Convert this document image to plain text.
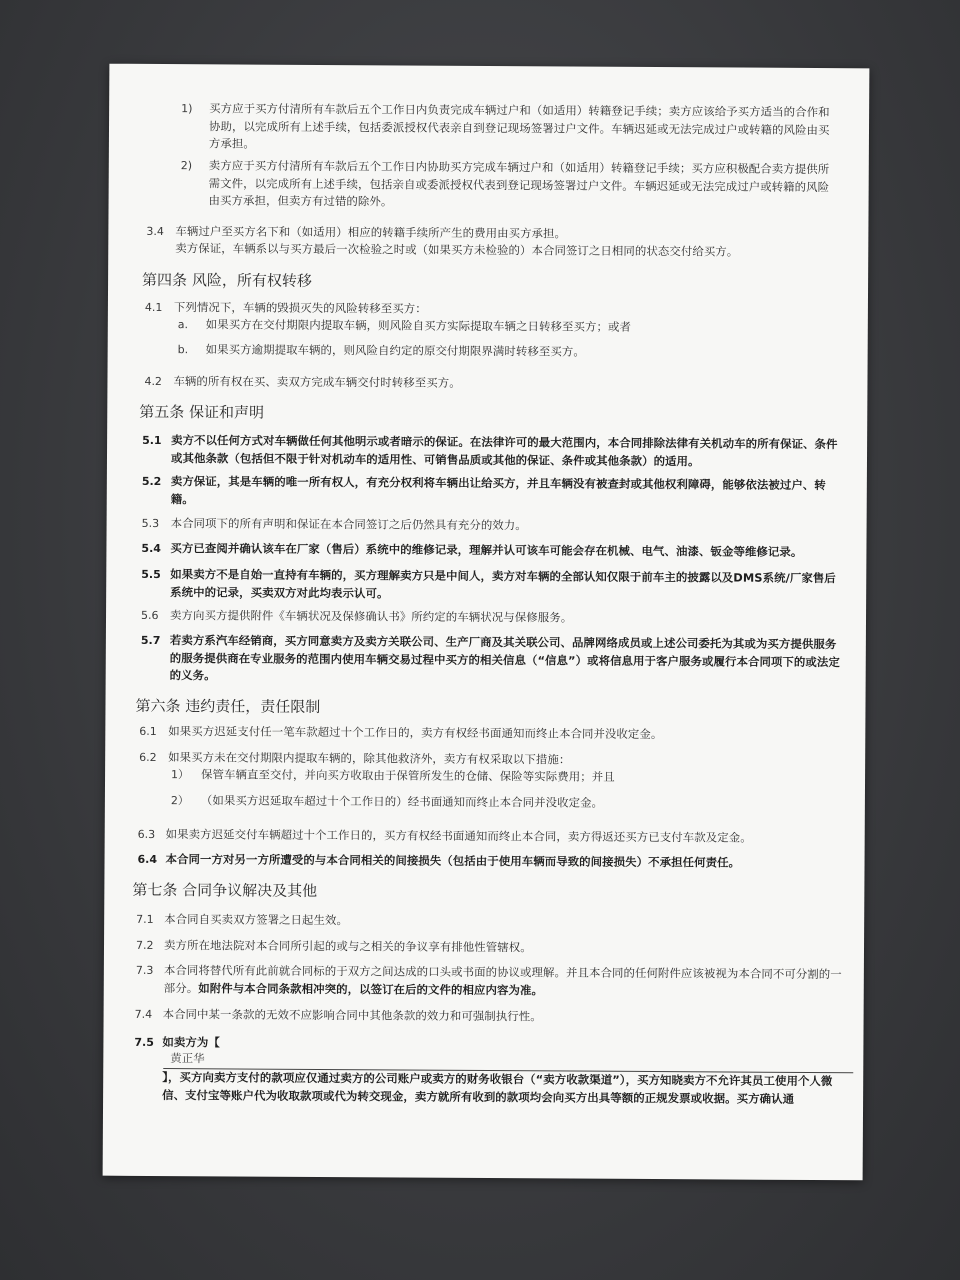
1) 买方应于买方付清所有车款后五个工作日内负责完成车辆过户和（如适用）转籍登记手续；卖方应该给予买方适当的合作和协助，以完成所有上述手续，包括委派授权代表亲自到登记现场签署过户文件。车辆迟延或无法完成过户或转籍的风险由买方承担。
2) 卖方应于买方付清所有车款后五个工作日内协助买方完成车辆过户和（如适用）转籍登记手续；买方应积极配合卖方提供所需文件，以完成所有上述手续，包括亲自或委派授权代表到登记现场签署过户文件。车辆迟延或无法完成过户或转籍的风险由买方承担，但卖方有过错的除外。
3.4 车辆过户至买方名下和（如适用）相应的转籍手续所产生的费用由买方承担。
卖方保证，车辆系以与买方最后一次检验之时或（如果买方未检验的）本合同签订之日相同的状态交付给买方。
第四条 风险，所有权转移
4.1 下列情况下，车辆的毁损灭失的风险转移至买方：
a. 如果买方在交付期限内提取车辆，则风险自买方实际提取车辆之日转移至买方；或者
b. 如果买方逾期提取车辆的，则风险自约定的原交付期限界满时转移至买方。
4.2 车辆的所有权在买、卖双方完成车辆交付时转移至买方。
第五条 保证和声明
5.1 卖方不以任何方式对车辆做任何其他明示或者暗示的保证。在法律许可的最大范围内，本合同排除法律有关机动车的所有保证、条件或其他条款（包括但不限于针对机动车的适用性、可销售品质或其他的保证、条件或其他条款）的适用。
5.2 卖方保证，其是车辆的唯一所有权人，有充分权利将车辆出让给买方，并且车辆没有被查封或其他权利障碍，能够依法被过户、转籍。
5.3 本合同项下的所有声明和保证在本合同签订之后仍然具有充分的效力。
5.4 买方已查阅并确认该车在厂家（售后）系统中的维修记录，理解并认可该车可能会存在机械、电气、油漆、钣金等维修记录。
5.5 如果卖方不是自始一直持有车辆的，买方理解卖方只是中间人，卖方对车辆的全部认知仅限于前车主的披露以及DMS系统/厂家售后系统中的记录，买卖双方对此均表示认可。
5.6 卖方向买方提供附件《车辆状况及保修确认书》所约定的车辆状况与保修服务。
5.7 若卖方系汽车经销商，买方同意卖方及卖方关联公司、生产厂商及其关联公司、品牌网络成员或上述公司委托为其或为买方提供服务的服务提供商在专业服务的范围内使用车辆交易过程中买方的相关信息（“信息”）或将信息用于客户服务或履行本合同项下的或法定的义务。
第六条 违约责任，责任限制
6.1 如果买方迟延支付任一笔车款超过十个工作日的，卖方有权经书面通知而终止本合同并没收定金。
6.2 如果买方未在交付期限内提取车辆的，除其他救济外，卖方有权采取以下措施：
1） 保管车辆直至交付，并向买方收取由于保管所发生的仓储、保险等实际费用；并且
2） （如果买方迟延取车超过十个工作日的）经书面通知而终止本合同并没收定金。
6.3 如果卖方迟延交付车辆超过十个工作日的，买方有权经书面通知而终止本合同，卖方得返还买方已支付车款及定金。
6.4 本合同一方对另一方所遭受的与本合同相关的间接损失（包括由于使用车辆而导致的间接损失）不承担任何责任。
第七条 合同争议解决及其他
7.1 本合同自买卖双方签署之日起生效。
7.2 卖方所在地法院对本合同所引起的或与之相关的争议享有排他性管辖权。
7.3 本合同将替代所有此前就合同标的于双方之间达成的口头或书面的协议或理解。并且本合同的任何附件应该被视为本合同不可分割的一部分。如附件与本合同条款相冲突的，以签订在后的文件的相应内容为准。
7.4 本合同中某一条款的无效不应影响合同中其他条款的效力和可强制执行性。
7.5 如卖方为【
黄正华
】，买方向卖方支付的款项应仅通过卖方的公司账户或卖方的财务收银台（“卖方收款渠道”），买方知晓卖方不允许其员工使用个人微信、支付宝等账户代为收取款项或代为转交现金，卖方就所有收到的款项均会向买方出具等额的正规发票或收据。买方确认通
